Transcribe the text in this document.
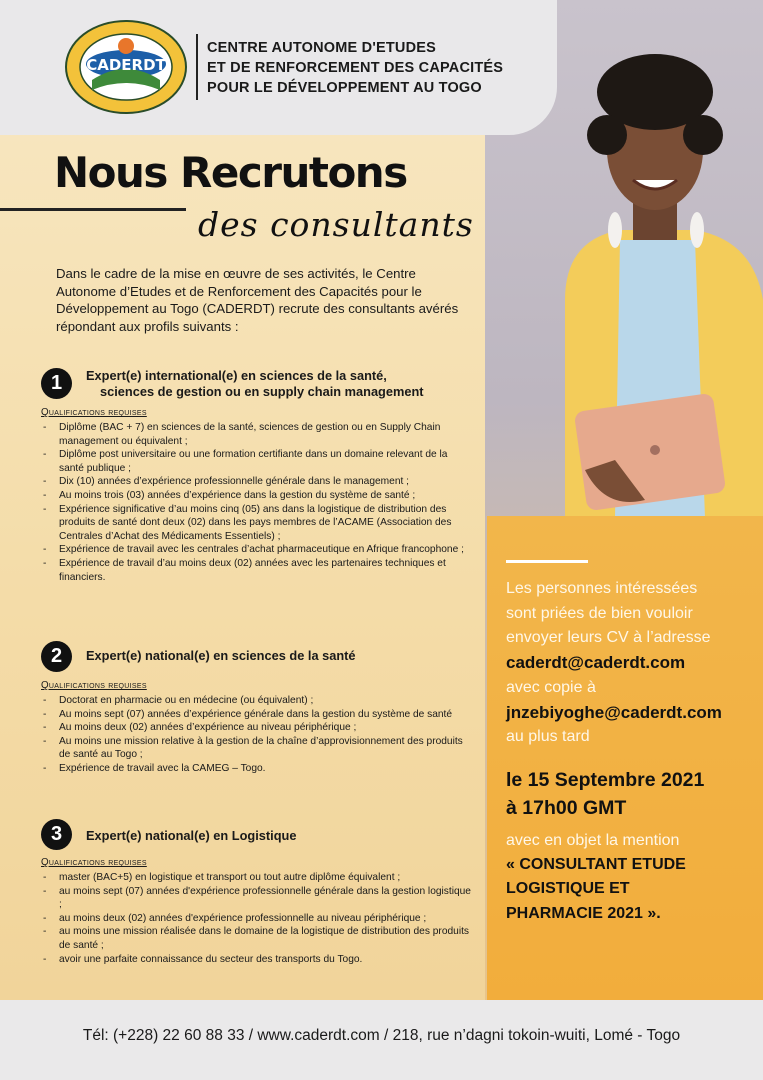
CADERDT
CENTRE AUTONOME D'ETUDES
ET DE RENFORCEMENT DES CAPACITÉS
POUR LE DÉVELOPPEMENT AU TOGO
Nous Recrutons
des consultants
Dans le cadre de la mise en œuvre de ses activités, le Centre Autonome d’Etudes et de Renforcement des Capacités pour le Développement au Togo (CADERDT) recrute des consultants avérés répondant aux profils suivants :
1	Expert(e) international(e) en sciences de la santé,
sciences de gestion ou en supply chain management
Qualifications requises
- Diplôme (BAC + 7) en sciences de la santé, sciences de gestion ou en Supply Chain management ou équivalent ;
- Diplôme post universitaire ou une formation certifiante dans un domaine relevant de la santé publique ;
- Dix (10) années d’expérience professionnelle générale dans le management ;
- Au moins trois (03) années d’expérience dans la gestion du système de santé ;
- Expérience significative d’au moins cinq (05) ans dans la logistique de distribution des produits de santé dont deux (02) dans les pays membres de l’ACAME (Association des Centrales d’Achat des Médicaments Essentiels) ;
- Expérience de travail avec les centrales d’achat pharmaceutique en Afrique francophone ;
- Expérience de travail d’au moins deux (02) années avec les partenaires techniques et financiers.
2	Expert(e) national(e) en sciences de la santé
Qualifications requises
- Doctorat en pharmacie ou en médecine (ou équivalent) ;
- Au moins sept (07) années d’expérience générale dans la gestion du système de santé
- Au moins deux (02) années d’expérience au niveau périphérique ;
- Au moins une mission relative à la gestion de la chaîne d’approvisionnement des produits de santé au Togo ;
- Expérience de travail avec la CAMEG – Togo.
3	Expert(e) national(e) en Logistique
Qualifications requises
- master (BAC+5) en logistique et transport ou tout autre diplôme équivalent ;
- au moins sept (07) années d'expérience professionnelle générale dans la gestion logistique ;
- au moins deux (02) années d'expérience professionnelle au niveau périphérique ;
- au moins une mission réalisée dans le domaine de la logistique de distribution des produits de santé ;
- avoir une parfaite connaissance du secteur des transports du Togo.
Les personnes intéressées
sont priées de bien vouloir
envoyer leurs CV à l’adresse
caderdt@caderdt.com
avec copie à
jnzebiyoghe@caderdt.com
au plus tard
le 15 Septembre 2021
à 17h00 GMT
avec en objet la mention
« CONSULTANT ETUDE
LOGISTIQUE ET
PHARMACIE 2021 ».
Tél: (+228) 22 60 88 33 / www.caderdt.com / 218, rue n’dagni tokoin-wuiti, Lomé - Togo
